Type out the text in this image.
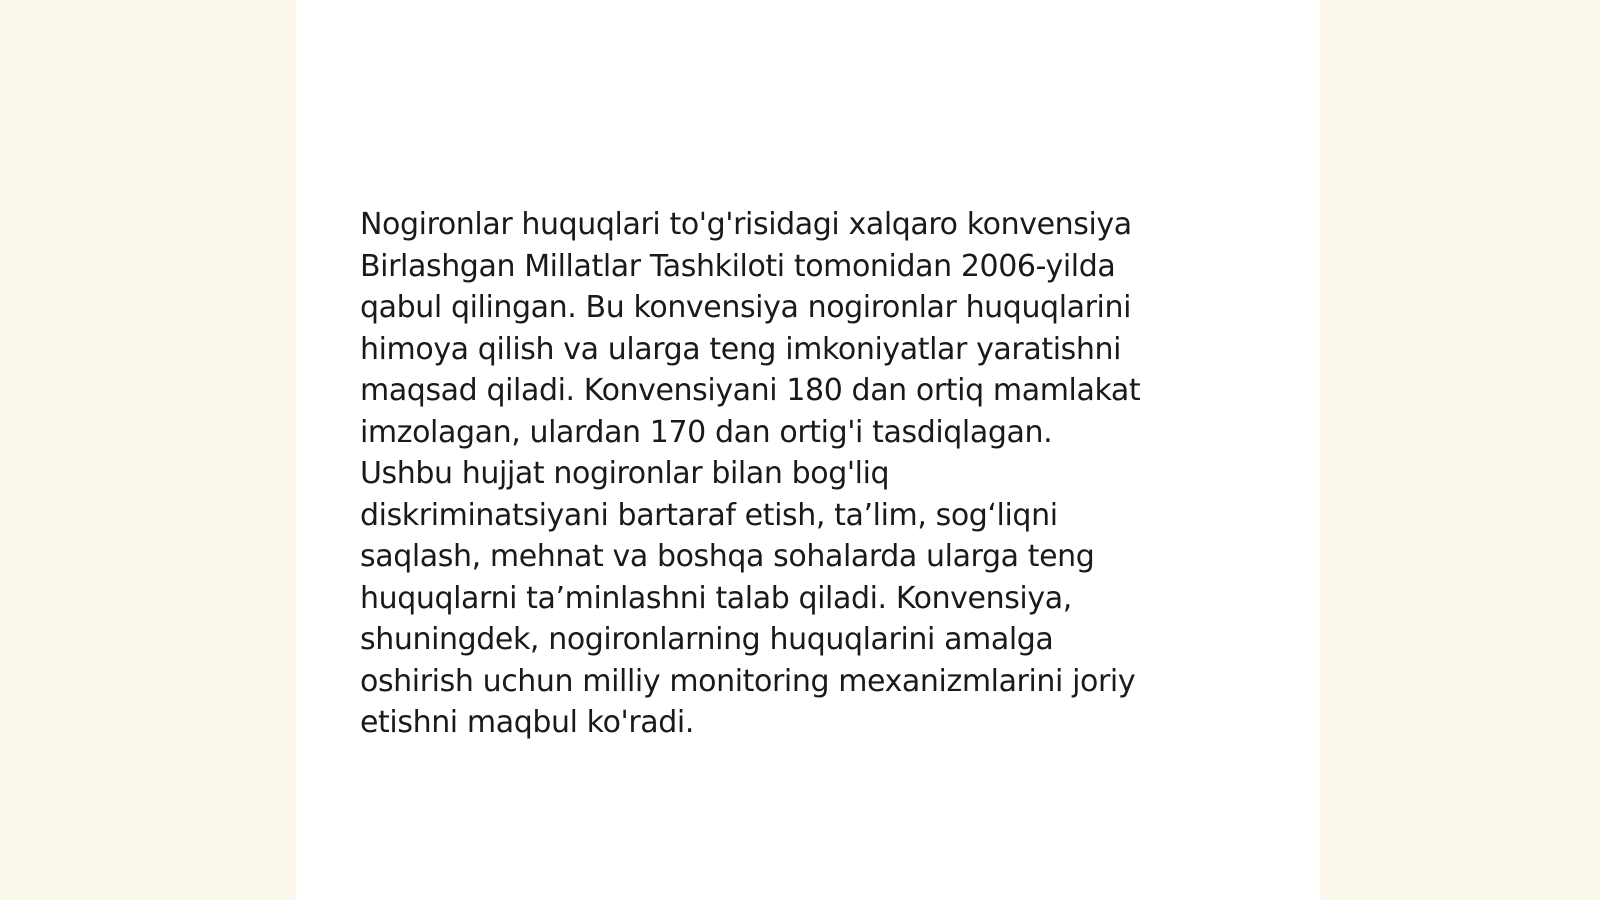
Nogironlar huquqlari to'g'risidagi xalqaro konvensiya
Birlashgan Millatlar Tashkiloti tomonidan 2006-yilda
qabul qilingan. Bu konvensiya nogironlar huquqlarini
himoya qilish va ularga teng imkoniyatlar yaratishni
maqsad qiladi. Konvensiyani 180 dan ortiq mamlakat
imzolagan, ulardan 170 dan ortig'i tasdiqlagan.
Ushbu hujjat nogironlar bilan bog'liq
diskriminatsiyani bartaraf etish, ta’lim, sog‘liqni
saqlash, mehnat va boshqa sohalarda ularga teng
huquqlarni ta’minlashni talab qiladi. Konvensiya,
shuningdek, nogironlarning huquqlarini amalga
oshirish uchun milliy monitoring mexanizmlarini joriy
etishni maqbul ko'radi.
